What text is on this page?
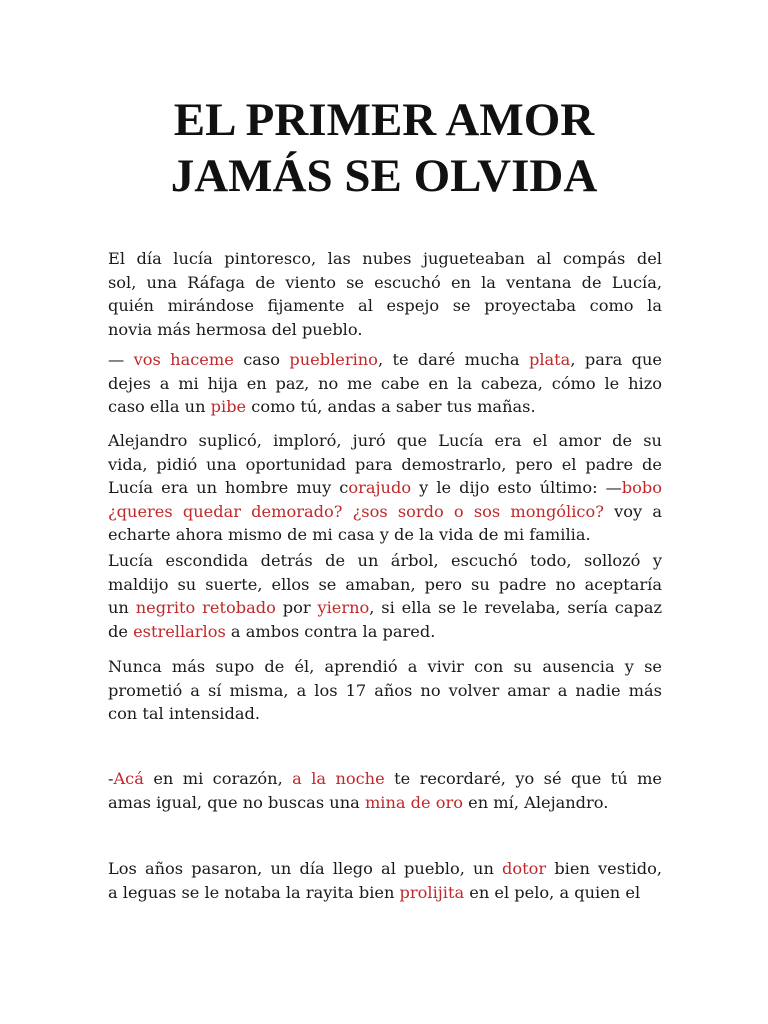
EL PRIMER AMOR
JAMÁS SE OLVIDA
El día lucía pintoresco, las nubes jugueteaban al compás del
sol, una Ráfaga de viento se escuchó en la ventana de Lucía,
quién mirándose fijamente al espejo se proyectaba como la
novia más hermosa del pueblo.
— vos haceme caso pueblerino, te daré mucha plata, para que
dejes a mi hija en paz, no me cabe en la cabeza, cómo le hizo
caso ella un pibe como tú, andas a saber tus mañas.
Alejandro suplicó, imploró, juró que Lucía era el amor de su
vida, pidió una oportunidad para demostrarlo, pero el padre de
Lucía era un hombre muy corajudo y le dijo esto último: —bobo
¿queres quedar demorado? ¿sos sordo o sos mongólico? voy a
echarte ahora mismo de mi casa y de la vida de mi familia.
Lucía escondida detrás de un árbol, escuchó todo, sollozó y
maldijo su suerte, ellos se amaban, pero su padre no aceptaría
un negrito retobado por yierno, si ella se le revelaba, sería capaz
de estrellarlos a ambos contra la pared.
Nunca más supo de él, aprendió a vivir con su ausencia y se
prometió a sí misma, a los 17 años no volver amar a nadie más
con tal intensidad.
-Acá en mi corazón, a la noche te recordaré, yo sé que tú me
amas igual, que no buscas una mina de oro en mí, Alejandro.
Los años pasaron, un día llego al pueblo, un dotor bien vestido,
a leguas se le notaba la rayita bien prolijita en el pelo, a quien el
